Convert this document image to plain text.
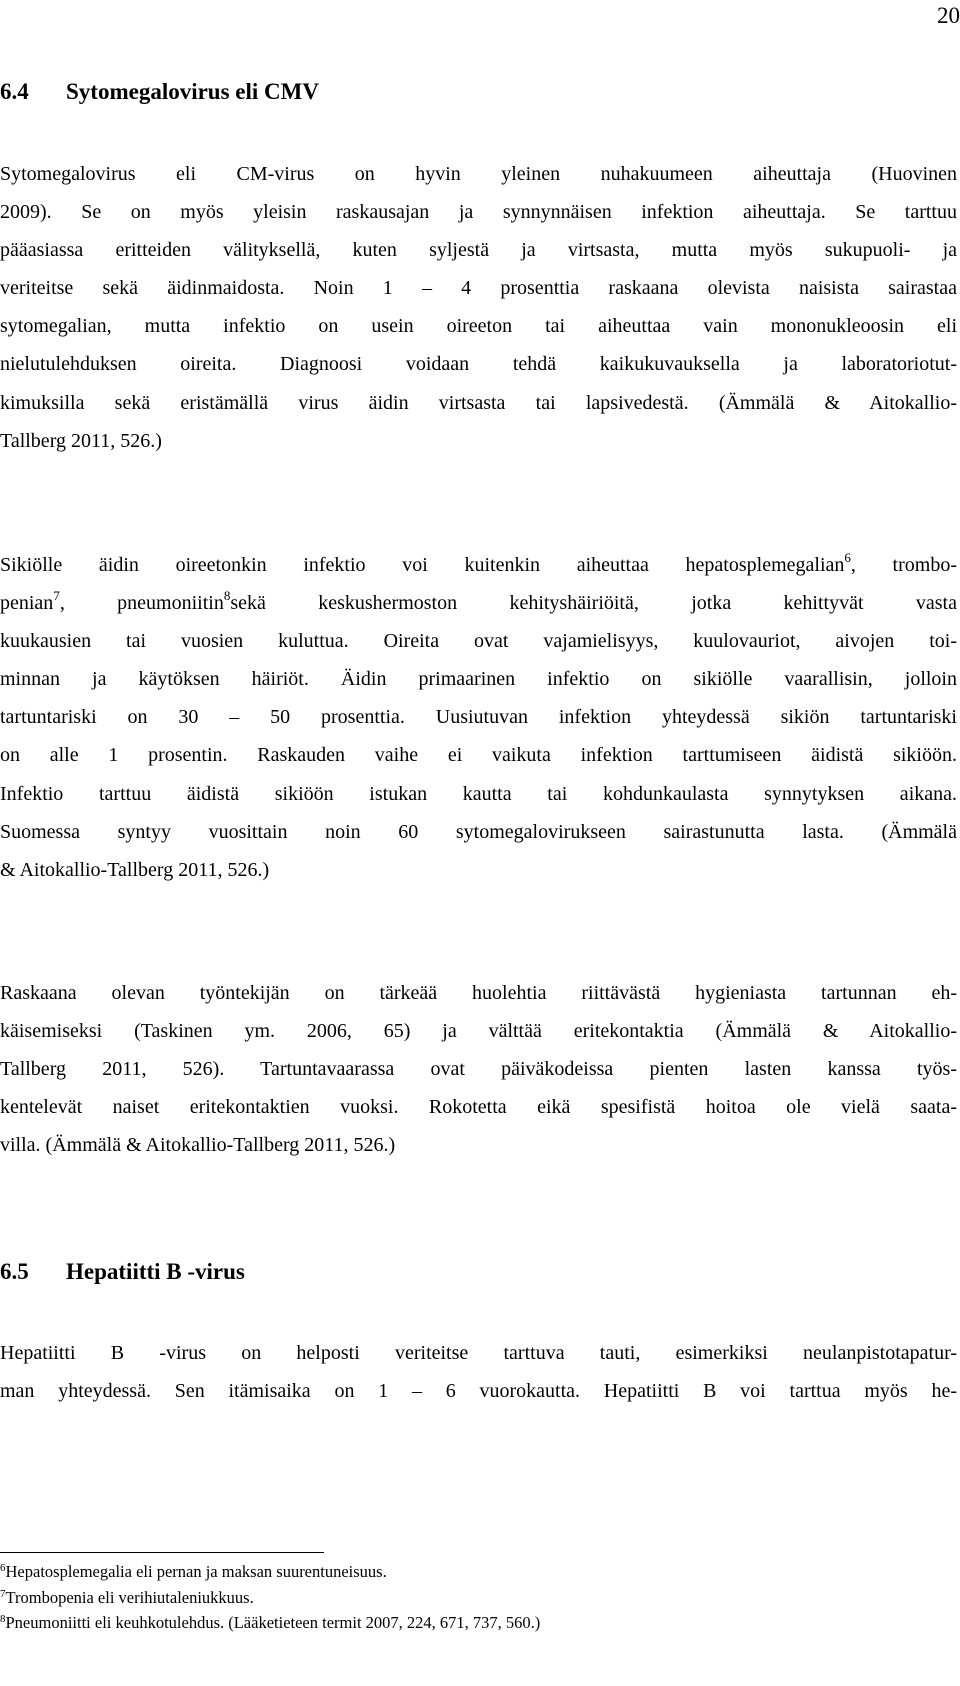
20
6.4 Sytomegalovirus eli CMV
Sytomegalovirus eli CM-virus on hyvin yleinen nuhakuumeen aiheuttaja (Huovinen
2009). Se on myös yleisin raskausajan ja synnynnäisen infektion aiheuttaja. Se tarttuu
pääasiassa eritteiden välityksellä, kuten syljestä ja virtsasta, mutta myös sukupuoli- ja
veriteitse sekä äidinmaidosta. Noin 1 – 4 prosenttia raskaana olevista naisista sairastaa
sytomegalian, mutta infektio on usein oireeton tai aiheuttaa vain mononukleoosin eli
nielutulehduksen oireita. Diagnoosi voidaan tehdä kaikukuvauksella ja laboratoriotut-
kimuksilla sekä eristämällä virus äidin virtsasta tai lapsivedestä. (Ämmälä & Aitokallio-
Tallberg 2011, 526.)
Sikiölle äidin oireetonkin infektio voi kuitenkin aiheuttaa hepatosplemegalian$^6$, trombo-
penian$^7$, pneumoniitin$^8$sekä keskushermoston kehityshäiriöitä, jotka kehittyvät vasta
kuukausien tai vuosien kuluttua. Oireita ovat vajamielisyys, kuulovauriot, aivojen toi-
minnan ja käytöksen häiriöt. Äidin primaarinen infektio on sikiölle vaarallisin, jolloin
tartuntariski on 30 – 50 prosenttia. Uusiutuvan infektion yhteydessä sikiön tartuntariski
on alle 1 prosentin. Raskauden vaihe ei vaikuta infektion tarttumiseen äidistä sikiöön.
Infektio tarttuu äidistä sikiöön istukan kautta tai kohdunkaulasta synnytyksen aikana.
Suomessa syntyy vuosittain noin 60 sytomegalovirukseen sairastunutta lasta. (Ämmälä
& Aitokallio-Tallberg 2011, 526.)
Raskaana olevan työntekijän on tärkeää huolehtia riittävästä hygieniasta tartunnan eh-
käisemiseksi (Taskinen ym. 2006, 65) ja välttää eritekontaktia (Ämmälä & Aitokallio-
Tallberg 2011, 526). Tartuntavaarassa ovat päiväkodeissa pienten lasten kanssa työs-
kentelevät naiset eritekontaktien vuoksi. Rokotetta eikä spesifistä hoitoa ole vielä saata-
villa. (Ämmälä & Aitokallio-Tallberg 2011, 526.)
6.5 Hepatiitti B -virus
Hepatiitti B -virus on helposti veriteitse tarttuva tauti, esimerkiksi neulanpistotapatur-
man yhteydessä. Sen itämisaika on 1 – 6 vuorokautta. Hepatiitti B voi tarttua myös he-
$^6$Hepatosplemegalia eli pernan ja maksan suurentuneisuus.
$^7$Trombopenia eli verihiutaleniukkuus.
$^8$Pneumoniitti eli keuhkotulehdus. (Lääketieteen termit 2007, 224, 671, 737, 560.)
